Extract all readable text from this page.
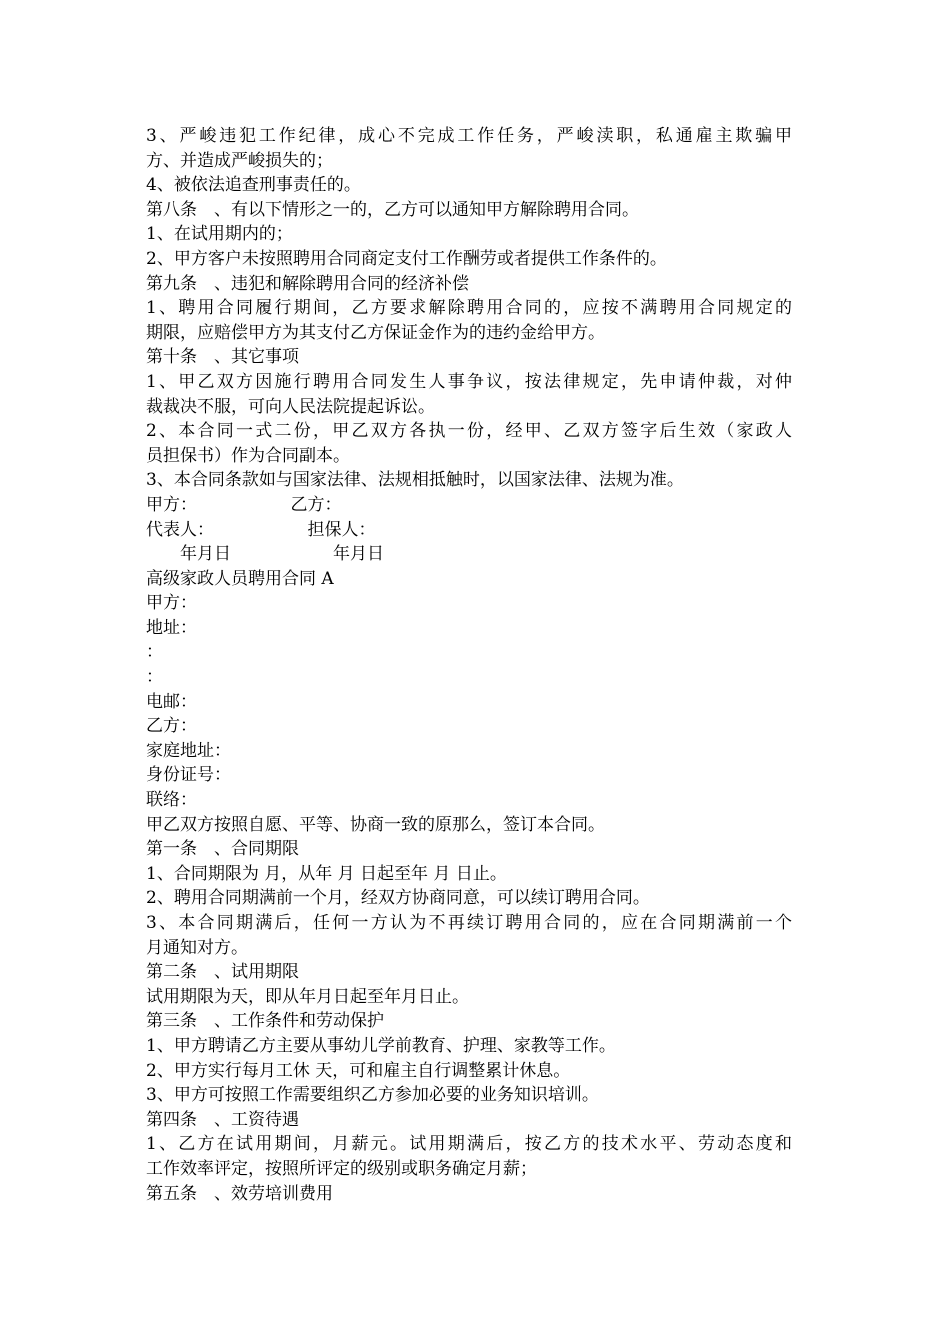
3、严峻违犯工作纪律，成心不完成工作任务，严峻渎职，私通雇主欺骗甲
方、并造成严峻损失的；
4、被依法追查刑事责任的。
第八条　、有以下情形之一的，乙方可以通知甲方解除聘用合同。
1、在试用期内的；
2、甲方客户未按照聘用合同商定支付工作酬劳或者提供工作条件的。
第九条　、违犯和解除聘用合同的经济补偿
1、聘用合同履行期间，乙方要求解除聘用合同的，应按不满聘用合同规定的
期限，应赔偿甲方为其支付乙方保证金作为的违约金给甲方。
第十条　、其它事项
1、甲乙双方因施行聘用合同发生人事争议，按法律规定，先申请仲裁，对仲
裁裁决不服，可向人民法院提起诉讼。
2、本合同一式二份，甲乙双方各执一份，经甲、乙双方签字后生效（家政人
员担保书）作为合同副本。
3、本合同条款如与国家法律、法规相抵触时，以国家法律、法规为准。
甲方：　　　　　　乙方：
代表人：　　　　　　担保人：
　　年月日　　　　　　年月日
高级家政人员聘用合同 A
甲方：
地址：
：
：
电邮：
乙方：
家庭地址：
身份证号：
联络：
甲乙双方按照自愿、平等、协商一致的原那么，签订本合同。
第一条　、合同期限
1、合同期限为 月，从年 月 日起至年 月 日止。
2、聘用合同期满前一个月，经双方协商同意，可以续订聘用合同。
3、本合同期满后，任何一方认为不再续订聘用合同的，应在合同期满前一个
月通知对方。
第二条　、试用期限
试用期限为天，即从年月日起至年月日止。
第三条　、工作条件和劳动保护
1、甲方聘请乙方主要从事幼儿学前教育、护理、家教等工作。
2、甲方实行每月工休 天，可和雇主自行调整累计休息。
3、甲方可按照工作需要组织乙方参加必要的业务知识培训。
第四条　、工资待遇
1、乙方在试用期间，月薪元。试用期满后，按乙方的技术水平、劳动态度和
工作效率评定，按照所评定的级别或职务确定月薪；
第五条　、效劳培训费用
